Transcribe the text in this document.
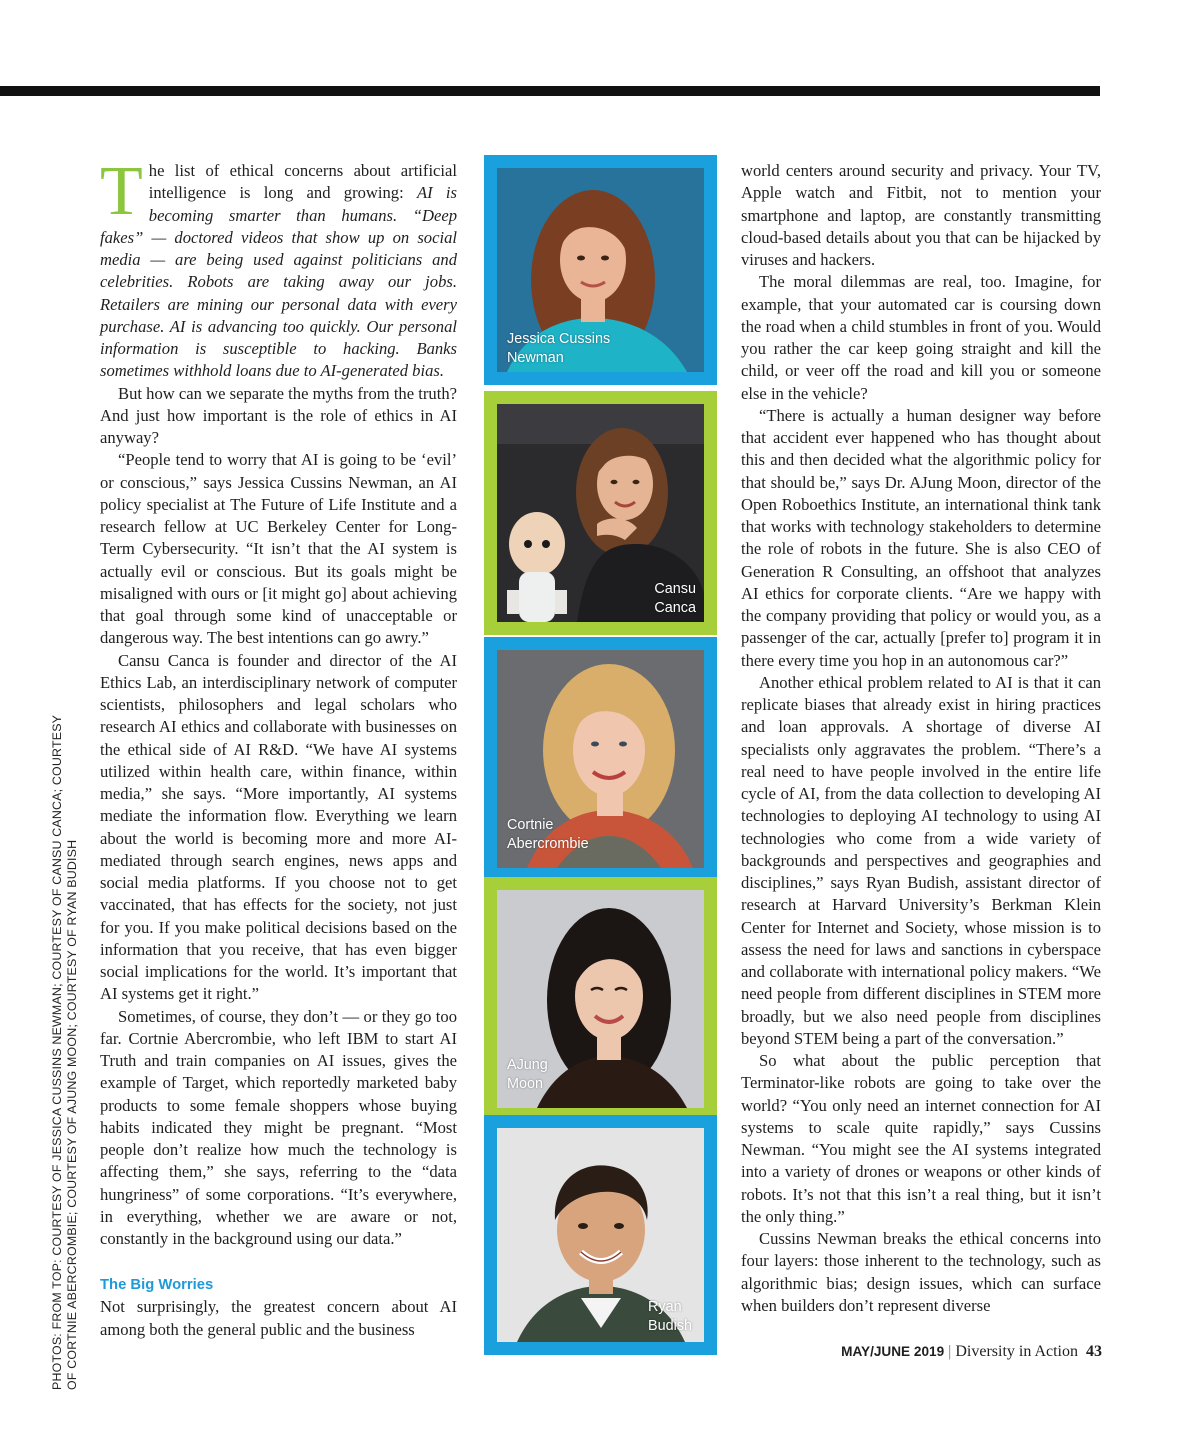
PHOTOS: FROM TOP: COURTESY OF JESSICA CUSSINS NEWMAN; COURTESY OF CANSU CANCA; COURTESY OF CORTNIE ABERCROMBIE; COURTESY OF AJUNG MOON; COURTESY OF RYAN BUDISH

The list of ethical concerns about artificial intelligence is long and growing: AI is becoming smarter than humans. “Deep fakes” — doctored videos that show up on social media — are being used against politicians and celebrities. Robots are taking away our jobs. Retailers are mining our personal data with every purchase. AI is advancing too quickly. Our personal information is susceptible to hacking. Banks sometimes withhold loans due to AI-generated bias.

But how can we separate the myths from the truth? And just how important is the role of ethics in AI anyway?

“People tend to worry that AI is going to be ‘evil’ or conscious,” says Jessica Cussins Newman, an AI policy specialist at The Future of Life Institute and a research fellow at UC Berkeley Center for Long-Term Cybersecurity. “It isn’t that the AI system is actually evil or conscious. But its goals might be misaligned with ours or [it might go] about achieving that goal through some kind of unacceptable or dangerous way. The best intentions can go awry.”

Cansu Canca is founder and director of the AI Ethics Lab, an interdisciplinary network of computer scientists, philosophers and legal scholars who research AI ethics and collaborate with businesses on the ethical side of AI R&D. “We have AI systems utilized within health care, within finance, within media,” she says. “More importantly, AI systems mediate the information flow. Everything we learn about the world is becoming more and more AI-mediated through search engines, news apps and social media platforms. If you choose not to get vaccinated, that has effects for the society, not just for you. If you make political decisions based on the information that you receive, that has even bigger social implications for the world. It’s important that AI systems get it right.”

Sometimes, of course, they don’t — or they go too far. Cortnie Abercrombie, who left IBM to start AI Truth and train companies on AI issues, gives the example of Target, which reportedly marketed baby products to some female shoppers whose buying habits indicated they might be pregnant. “Most people don’t realize how much the technology is affecting them,” she says, referring to the “data hungriness” of some corporations. “It’s everywhere, in everything, whether we are aware or not, constantly in the background using our data.”

The Big Worries

Not surprisingly, the greatest concern about AI among both the general public and the business

Jessica Cussins
Newman
Cansu
Canca
Cortnie
Abercrombie
AJung
Moon
Ryan
Budish

world centers around security and privacy. Your TV, Apple watch and Fitbit, not to mention your smartphone and laptop, are constantly transmitting cloud-based details about you that can be hijacked by viruses and hackers.

The moral dilemmas are real, too. Imagine, for example, that your automated car is coursing down the road when a child stumbles in front of you. Would you rather the car keep going straight and kill the child, or veer off the road and kill you or someone else in the vehicle?

“There is actually a human designer way before that accident ever happened who has thought about this and then decided what the algorithmic policy for that should be,” says Dr. AJung Moon, director of the Open Roboethics Institute, an international think tank that works with technology stakeholders to determine the role of robots in the future. She is also CEO of Generation R Consulting, an offshoot that analyzes AI ethics for corporate clients. “Are we happy with the company providing that policy or would you, as a passenger of the car, actually [prefer to] program it in there every time you hop in an autonomous car?”

Another ethical problem related to AI is that it can replicate biases that already exist in hiring practices and loan approvals. A shortage of diverse AI specialists only aggravates the problem. “There’s a real need to have people involved in the entire life cycle of AI, from the data collection to developing AI technologies to deploying AI technology to using AI technologies who come from a wide variety of backgrounds and perspectives and geographies and disciplines,” says Ryan Budish, assistant director of research at Harvard University’s Berkman Klein Center for Internet and Society, whose mission is to assess the need for laws and sanctions in cyberspace and collaborate with international policy makers. “We need people from different disciplines in STEM more broadly, but we also need people from disciplines beyond STEM being a part of the conversation.”

So what about the public perception that Terminator-like robots are going to take over the world? “You only need an internet connection for AI systems to scale quite rapidly,” says Cussins Newman. “You might see the AI systems integrated into a variety of drones or weapons or other kinds of robots. It’s not that this isn’t a real thing, but it isn’t the only thing.”

Cussins Newman breaks the ethical concerns into four layers: those inherent to the technology, such as algorithmic bias; design issues, which can surface when builders don’t represent diverse

MAY/JUNE 2019 | Diversity in Action 43
